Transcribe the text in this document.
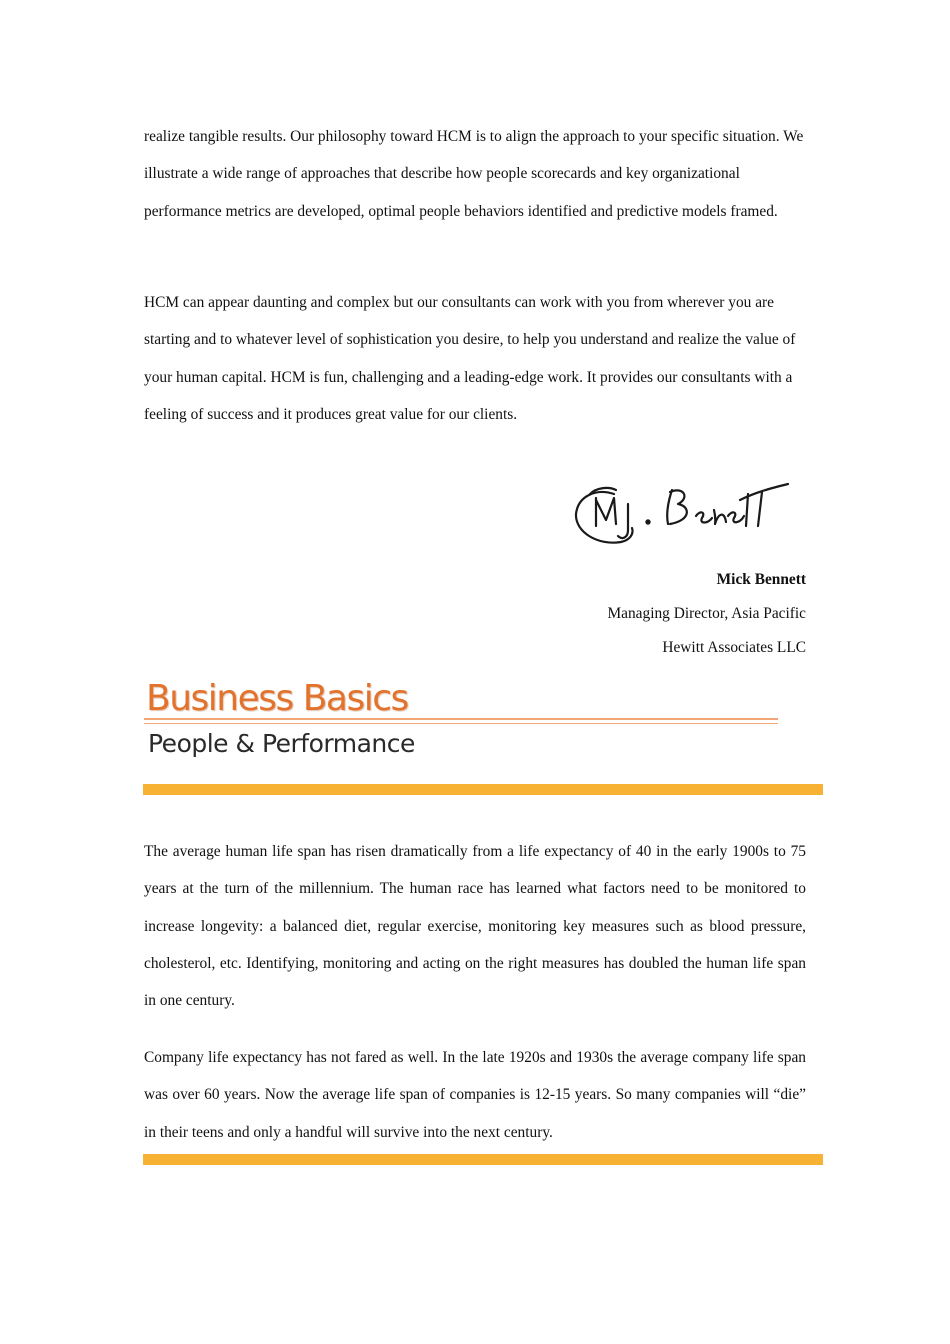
realize tangible results. Our philosophy toward HCM is to align the approach to your specific situation. We illustrate a wide range of approaches that describe how people scorecards and key organizational performance metrics are developed, optimal people behaviors identified and predictive models framed.

HCM can appear daunting and complex but our consultants can work with you from wherever you are starting and to whatever level of sophistication you desire, to help you understand and realize the value of your human capital. HCM is fun, challenging and a leading-edge work. It provides our consultants with a feeling of success and it produces great value for our clients.

Mick Bennett
Managing Director, Asia Pacific
Hewitt Associates LLC

Business Basics

People & Performance

The average human life span has risen dramatically from a life expectancy of 40 in the early 1900s to 75 years at the turn of the millennium. The human race has learned what factors need to be monitored to increase longevity: a balanced diet, regular exercise, monitoring key measures such as blood pressure, cholesterol, etc. Identifying, monitoring and acting on the right measures has doubled the human life span in one century.

Company life expectancy has not fared as well. In the late 1920s and 1930s the average company life span was over 60 years. Now the average life span of companies is 12-15 years. So many companies will “die” in their teens and only a handful will survive into the next century.
